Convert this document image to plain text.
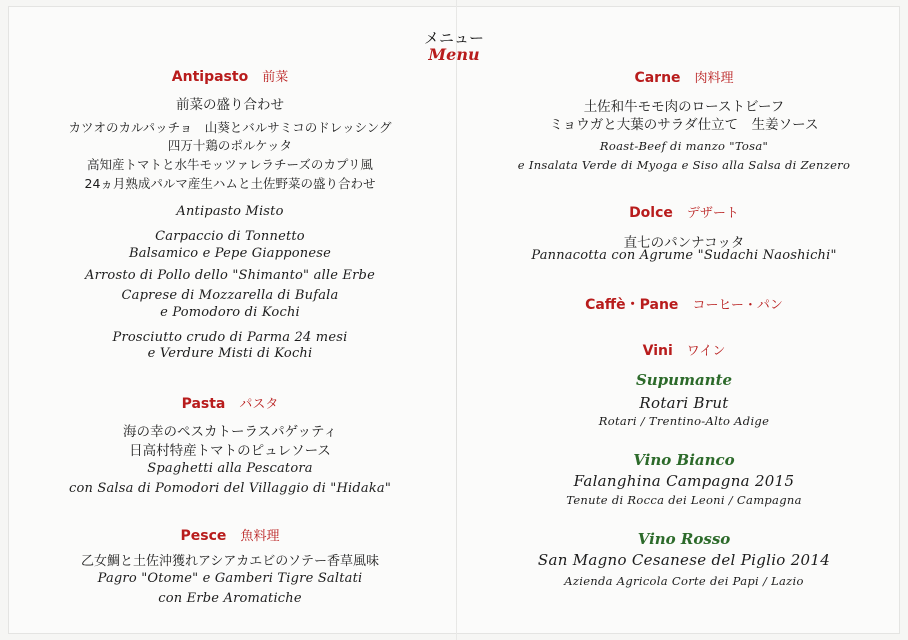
メニュー

Menu

Antipasto 前菜

前菜の盛り合わせ

カツオのカルパッチョ　山葵とバルサミコのドレッシング

四万十鶏のポルケッタ

高知産トマトと水牛モッツァレラチーズのカプリ風

24ヵ月熟成パルマ産生ハムと土佐野菜の盛り合わせ

Antipasto Misto

Carpaccio di Tonnetto

Balsamico e Pepe Giapponese

Arrosto di Pollo dello "Shimanto" alle Erbe

Caprese di Mozzarella di Bufala

e Pomodoro di Kochi

Prosciutto crudo di Parma 24 mesi

e Verdure Misti di Kochi

Pasta パスタ

海の幸のペスカトーラスパゲッティ

日高村特産トマトのピュレソース

Spaghetti alla Pescatora

con Salsa di Pomodori del Villaggio di "Hidaka"

Pesce 魚料理

乙女鯛と土佐沖獲れアシアカエビのソテー香草風味

Pagro "Otome" e Gamberi Tigre Saltati

con Erbe Aromatiche

Carne 肉料理

土佐和牛モモ肉のローストビーフ

ミョウガと大葉のサラダ仕立て　生姜ソース

Roast-Beef di manzo "Tosa"

e Insalata Verde di Myoga e Siso alla Salsa di Zenzero

Dolce デザート

直七のパンナコッタ

Pannacotta con Agrume "Sudachi Naoshichi"

Caffè・Pane コーヒー・パン

Vini ワイン

Supumante

Rotari Brut

Rotari / Trentino-Alto Adige

Vino Bianco

Falanghina Campagna 2015

Tenute di Rocca dei Leoni / Campagna

Vino Rosso

San Magno Cesanese del Piglio 2014

Azienda Agricola Corte dei Papi / Lazio
